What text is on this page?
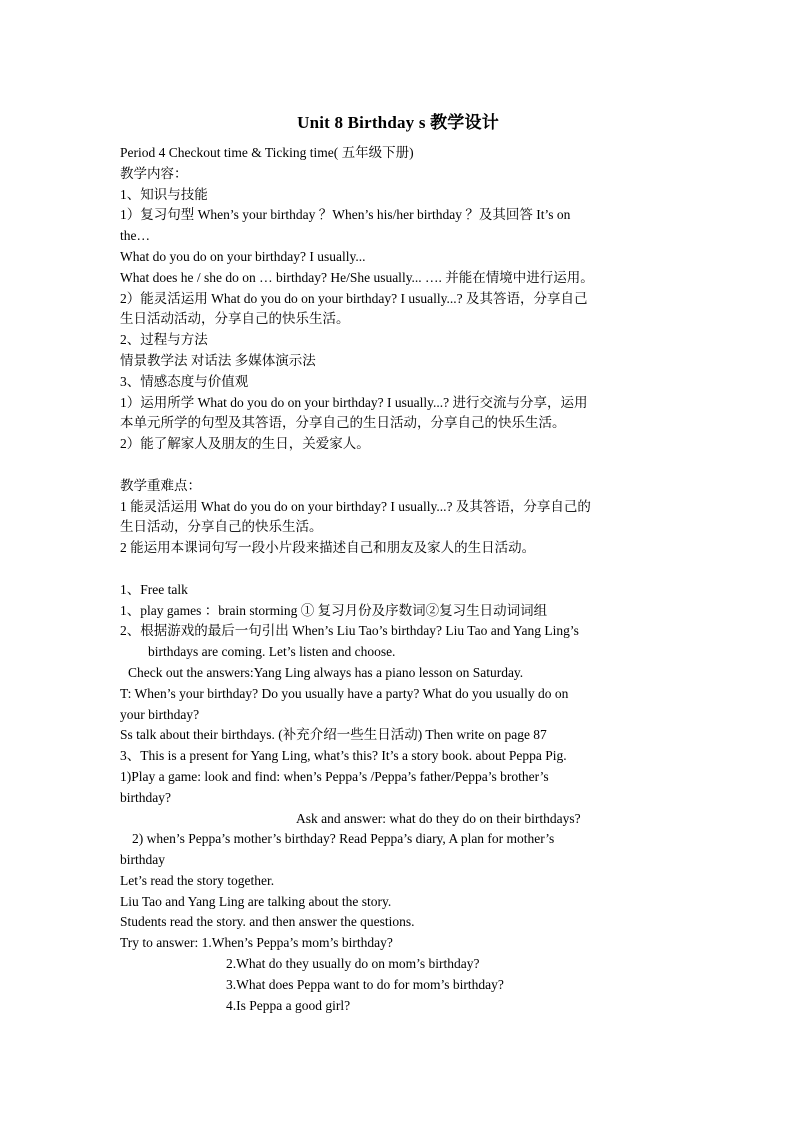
Unit 8 Birthday s 教学设计
Period 4 Checkout time & Ticking time( 五年级下册)
教学内容：
1、知识与技能
1）复习句型 When’s your birthday ？When’s his/her birthday ？及其回答 It’s on
the…
What do you do on your birthday? I usually...
What does he / she do on … birthday? He/She usually... …. 并能在情境中进行运用。
2）能灵活运用 What do you do on your birthday? I usually...? 及其答语，分享自己
生日活动活动，分享自己的快乐生活。
2、过程与方法
情景教学法 对话法 多媒体演示法
3、情感态度与价值观
1）运用所学 What do you do on your birthday? I usually...? 进行交流与分享，运用
本单元所学的句型及其答语，分享自己的生日活动，分享自己的快乐生活。
2）能了解家人及朋友的生日，关爱家人。
教学重难点：
1 能灵活运用 What do you do on your birthday? I usually...? 及其答语，分享自己的
生日活动，分享自己的快乐生活。
2 能运用本课词句写一段小片段来描述自己和朋友及家人的生日活动。
1、Free talk
1、play games ：brain storming ① 复习月份及序数词②复习生日动词词组
2、根据游戏的最后一句引出 When’s Liu Tao’s birthday? Liu Tao and Yang Ling’s
birthdays are coming. Let’s listen and choose.
Check out the answers:Yang Ling always has a piano lesson on Saturday.
T: When’s your birthday? Do you usually have a party? What do you usually do on
your birthday?
Ss talk about their birthdays. (补充介绍一些生日活动) Then write on page 87
3、This is a present for Yang Ling, what’s this? It’s a story book. about Peppa Pig.
1)Play a game: look and find: when’s Peppa’s /Peppa’s father/Peppa’s brother’s
birthday?
Ask and answer: what do they do on their birthdays?
2) when’s Peppa’s mother’s birthday? Read Peppa’s diary, A plan for mother’s
birthday
Let’s read the story together.
Liu Tao and Yang Ling are talking about the story.
Students read the story. and then answer the questions.
Try to answer: 1.When’s Peppa’s mom’s birthday?
2.What do they usually do on mom’s birthday?
3.What does Peppa want to do for mom’s birthday?
4.Is Peppa a good girl?
